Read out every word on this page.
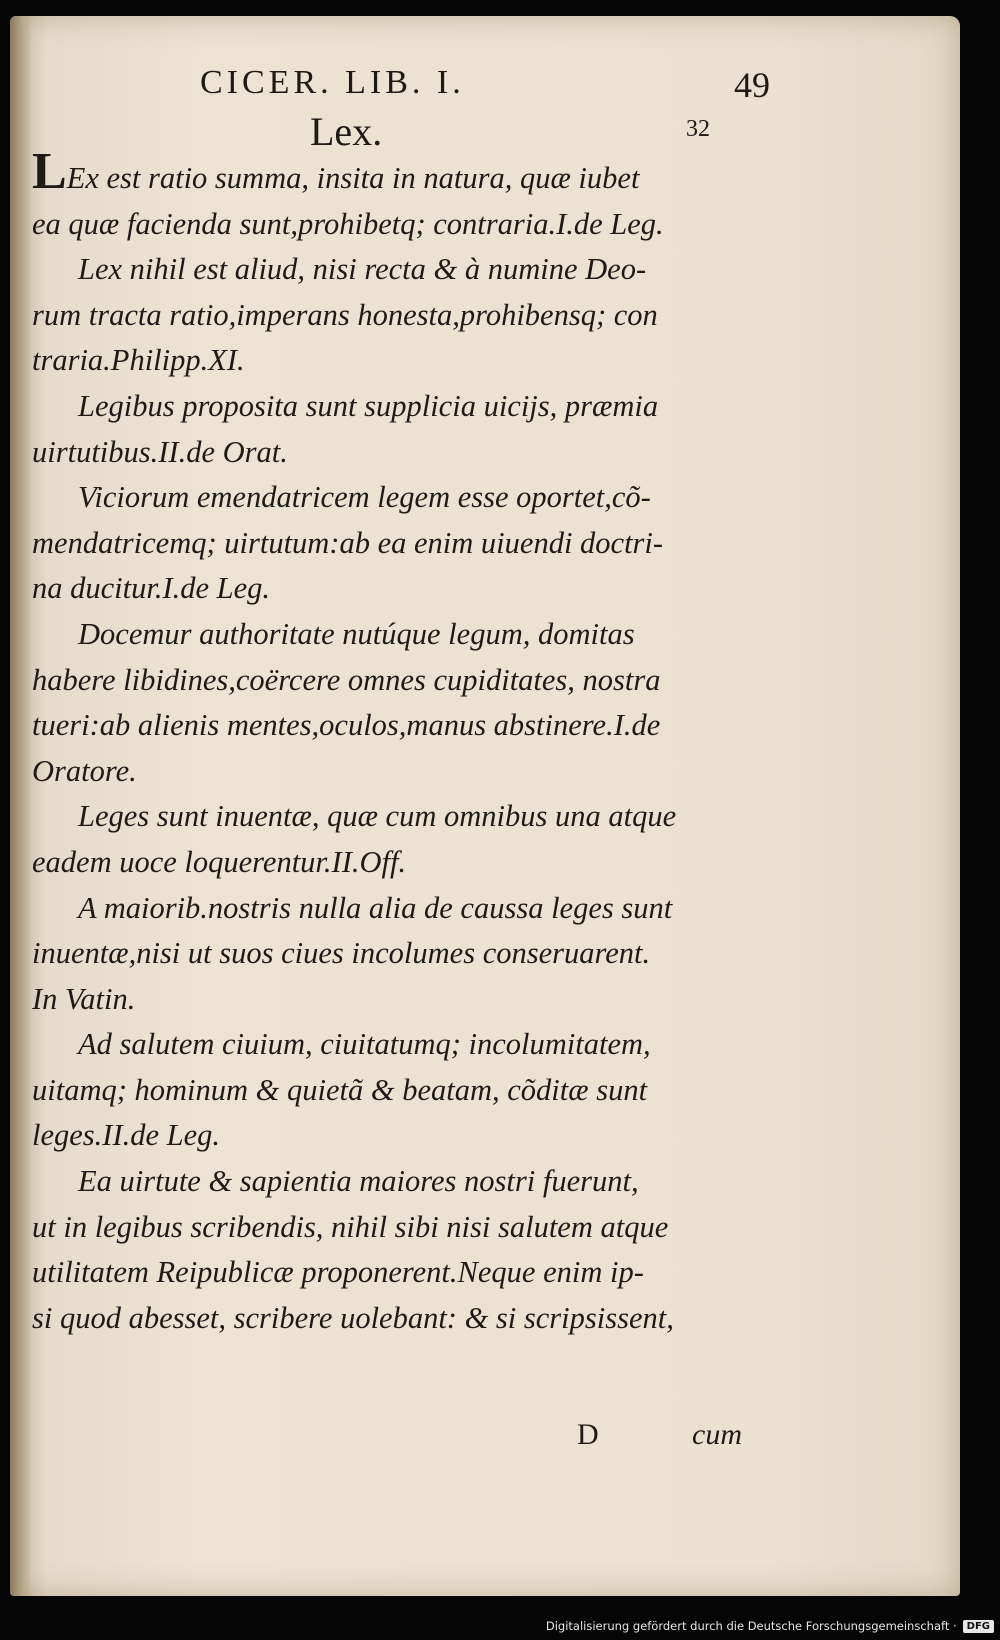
CICER. LIB. I.	49
Lex.	32
LEx est ratio summa, insita in natura, quæ iubet
ea quæ facienda sunt,prohibetq; contraria.I.de Leg.
Lex nihil est aliud, nisi recta & à numine Deo-
rum tracta ratio,imperans honesta,prohibensq; con
traria.Philipp.XI.
Legibus proposita sunt supplicia uicijs, præmia
uirtutibus.II.de Orat.
Viciorum emendatricem legem esse oportet,cõ-
mendatricemq; uirtutum:ab ea enim uiuendi doctri-
na ducitur.I.de Leg.
Docemur authoritate nutúque legum, domitas
habere libidines,coërcere omnes cupiditates, nostra
tueri:ab alienis mentes,oculos,manus abstinere.I.de
Oratore.
Leges sunt inuentæ, quæ cum omnibus una atque
eadem uoce loquerentur.II.Off.
A maiorib.nostris nulla alia de caussa leges sunt
inuentæ,nisi ut suos ciues incolumes conseruarent.
In Vatin.
Ad salutem ciuium, ciuitatumq; incolumitatem,
uitamq; hominum & quietã & beatam, cõditæ sunt
leges.II.de Leg.
Ea uirtute & sapientia maiores nostri fuerunt,
ut in legibus scribendis, nihil sibi nisi salutem atque
utilitatem Reipublicæ proponerent.Neque enim ip-
si quod abesset, scribere uolebant: & si scripsissent,
D	cum
Digitalisierung gefördert durch die Deutsche Forschungsgemeinschaft ·	DFG
